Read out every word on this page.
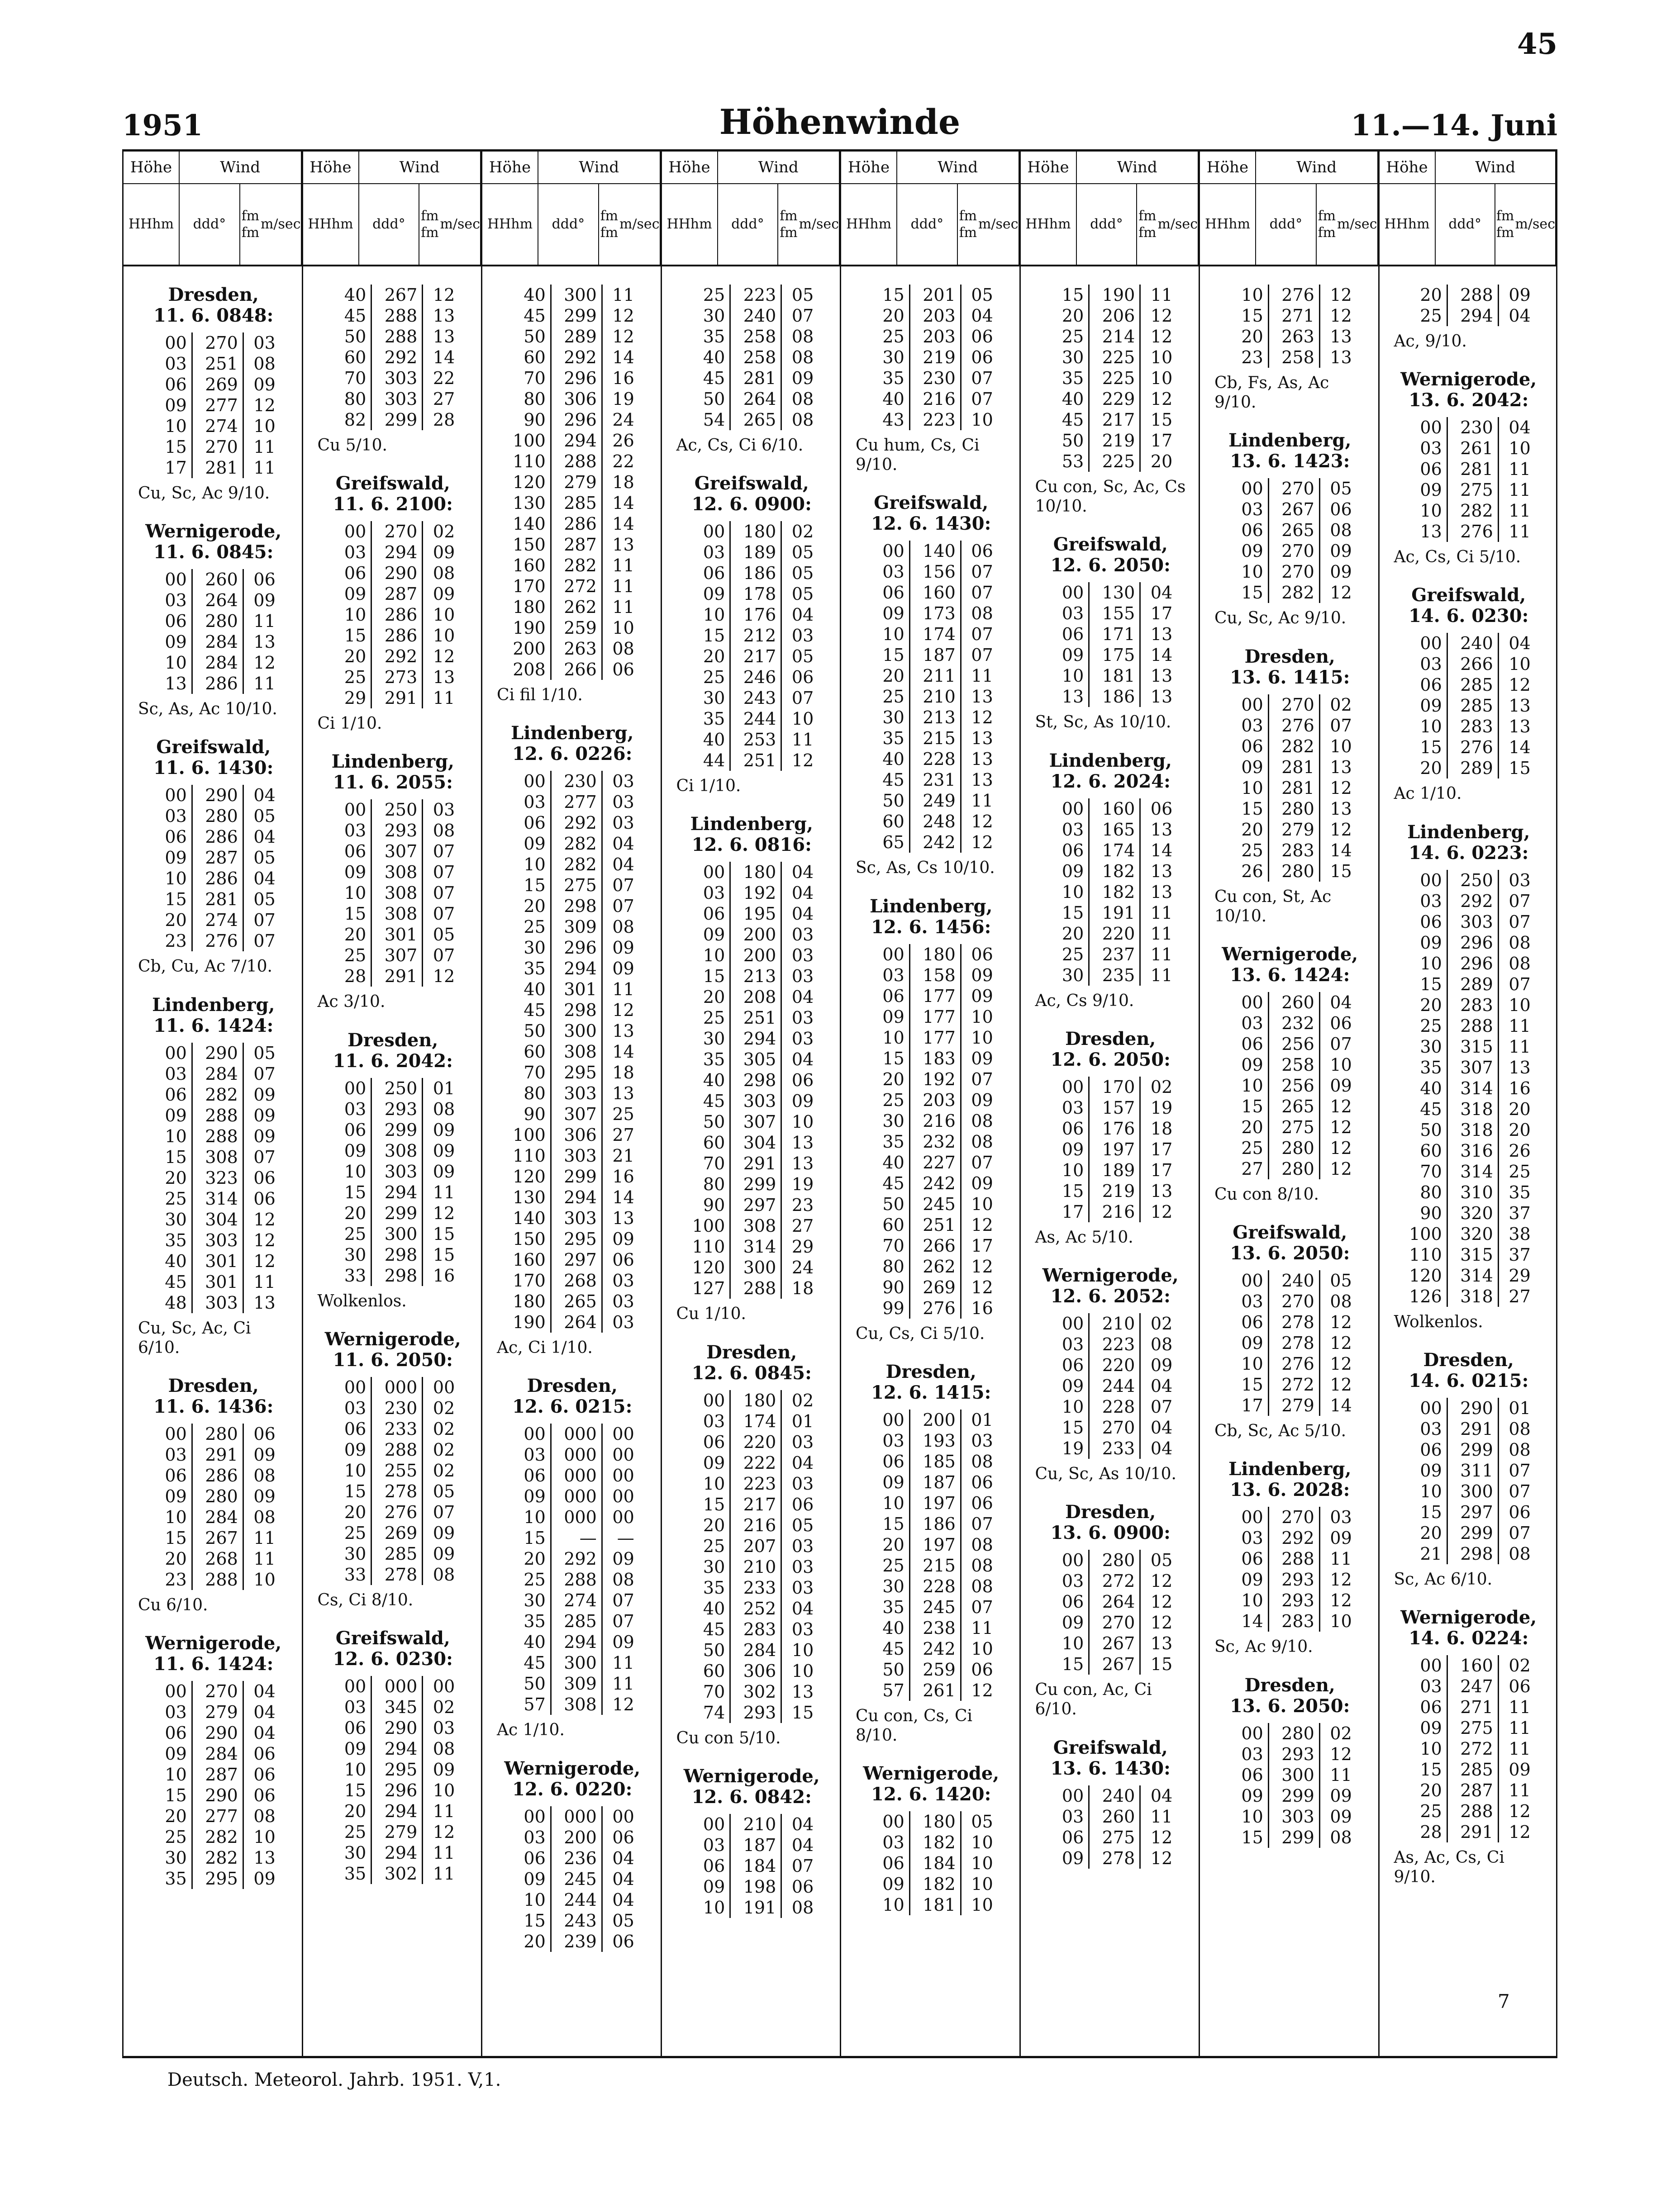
45
1951	Höhenwinde	11.—14. Juni
Höhe
HH hm
Wind
ddd °
fm fm

m/sec
Dresden,
11. 6. 0848:
00	270	03
03	251	08
06	269	09
09	277	12
10	274	10
15	270	11
17	281	11
Cu, Sc, Ac 9/10.
Wernigerode,
11. 6. 0845:
00	260	06
03	264	09
06	280	11
09	284	13
10	284	12
13	286	11
Sc, As, Ac 10/10.
Greifswald,
11. 6. 1430:
00	290	04
03	280	05
06	286	04
09	287	05
10	286	04
15	281	05
20	274	07
23	276	07
Cb, Cu, Ac 7/10.
Lindenberg,
11. 6. 1424:
00	290	05
03	284	07
06	282	09
09	288	09
10	288	09
15	308	07
20	323	06
25	314	06
30	304	12
35	303	12
40	301	12
45	301	11
48	303	13
Cu, Sc, Ac, Ci 6/10.
Dresden,
11. 6. 1436:
00	280	06
03	291	09
06	286	08
09	280	09
10	284	08
15	267	11
20	268	11
23	288	10
Cu 6/10.
Wernigerode,
11. 6. 1424:
00	270	04
03	279	04
06	290	04
09	284	06
10	287	06
15	290	06
20	277	08
25	282	10
30	282	13
35	295	09
Höhe
HH hm
Wind
ddd °
fm fm

m/sec
40	267	12
45	288	13
50	288	13
60	292	14
70	303	22
80	303	27
82	299	28
Cu 5/10.
Greifswald,
11. 6. 2100:
00	270	02
03	294	09
06	290	08
09	287	09
10	286	10
15	286	10
20	292	12
25	273	13
29	291	11
Ci 1/10.
Lindenberg,
11. 6. 2055:
00	250	03
03	293	08
06	307	07
09	308	07
10	308	07
15	308	07
20	301	05
25	307	07
28	291	12
Ac 3/10.
Dresden,
11. 6. 2042:
00	250	01
03	293	08
06	299	09
09	308	09
10	303	09
15	294	11
20	299	12
25	300	15
30	298	15
33	298	16
Wolkenlos.
Wernigerode,
11. 6. 2050:
00	000	00
03	230	02
06	233	02
09	288	02
10	255	02
15	278	05
20	276	07
25	269	09
30	285	09
33	278	08
Cs, Ci 8/10.
Greifswald,
12. 6. 0230:
00	000	00
03	345	02
06	290	03
09	294	08
10	295	09
15	296	10
20	294	11
25	279	12
30	294	11
35	302	11
Höhe
HH hm
Wind
ddd °
fm fm

m/sec
40	300	11
45	299	12
50	289	12
60	292	14
70	296	16
80	306	19
90	296	24
100	294	26
110	288	22
120	279	18
130	285	14
140	286	14
150	287	13
160	282	11
170	272	11
180	262	11
190	259	10
200	263	08
208	266	06
Ci fil 1/10.
Lindenberg,
12. 6. 0226:
00	230	03
03	277	03
06	292	03
09	282	04
10	282	04
15	275	07
20	298	07
25	309	08
30	296	09
35	294	09
40	301	11
45	298	12
50	300	13
60	308	14
70	295	18
80	303	13
90	307	25
100	306	27
110	303	21
120	299	16
130	294	14
140	303	13
150	295	09
160	297	06
170	268	03
180	265	03
190	264	03
Ac, Ci 1/10.
Dresden,
12. 6. 0215:
00	000	00
03	000	00
06	000	00
09	000	00
10	000	00
15	—	—
20	292	09
25	288	08
30	274	07
35	285	07
40	294	09
45	300	11
50	309	11
57	308	12
Ac 1/10.
Wernigerode,
12. 6. 0220:
00	000	00
03	200	06
06	236	04
09	245	04
10	244	04
15	243	05
20	239	06
Höhe
HH hm
Wind
ddd °
fm fm

m/sec
25	223	05
30	240	07
35	258	08
40	258	08
45	281	09
50	264	08
54	265	08
Ac, Cs, Ci 6/10.
Greifswald,
12. 6. 0900:
00	180	02
03	189	05
06	186	05
09	178	05
10	176	04
15	212	03
20	217	05
25	246	06
30	243	07
35	244	10
40	253	11
44	251	12
Ci 1/10.
Lindenberg,
12. 6. 0816:
00	180	04
03	192	04
06	195	04
09	200	03
10	200	03
15	213	03
20	208	04
25	251	03
30	294	03
35	305	04
40	298	06
45	303	09
50	307	10
60	304	13
70	291	13
80	299	19
90	297	23
100	308	27
110	314	29
120	300	24
127	288	18
Cu 1/10.
Dresden,
12. 6. 0845:
00	180	02
03	174	01
06	220	03
09	222	04
10	223	03
15	217	06
20	216	05
25	207	03
30	210	03
35	233	03
40	252	04
45	283	03
50	284	10
60	306	10
70	302	13
74	293	15
Cu con 5/10.
Wernigerode,
12. 6. 0842:
00	210	04
03	187	04
06	184	07
09	198	06
10	191	08
Höhe
HH hm
Wind
ddd °
fm fm

m/sec
15	201	05
20	203	04
25	203	06
30	219	06
35	230	07
40	216	07
43	223	10
Cu hum, Cs, Ci 9/10.
Greifswald,
12. 6. 1430:
00	140	06
03	156	07
06	160	07
09	173	08
10	174	07
15	187	07
20	211	11
25	210	13
30	213	12
35	215	13
40	228	13
45	231	13
50	249	11
60	248	12
65	242	12
Sc, As, Cs 10/10.
Lindenberg,
12. 6. 1456:
00	180	06
03	158	09
06	177	09
09	177	10
10	177	10
15	183	09
20	192	07
25	203	09
30	216	08
35	232	08
40	227	07
45	242	09
50	245	10
60	251	12
70	266	17
80	262	12
90	269	12
99	276	16
Cu, Cs, Ci 5/10.
Dresden,
12. 6. 1415:
00	200	01
03	193	03
06	185	08
09	187	06
10	197	06
15	186	07
20	197	08
25	215	08
30	228	08
35	245	07
40	238	11
45	242	10
50	259	06
57	261	12
Cu con, Cs, Ci 8/10.
Wernigerode,
12. 6. 1420:
00	180	05
03	182	10
06	184	10
09	182	10
10	181	10
Höhe
HH hm
Wind
ddd °
fm fm

m/sec
15	190	11
20	206	12
25	214	12
30	225	10
35	225	10
40	229	12
45	217	15
50	219	17
53	225	20
Cu con, Sc, Ac, Cs 10/10.
Greifswald,
12. 6. 2050:
00	130	04
03	155	17
06	171	13
09	175	14
10	181	13
13	186	13
St, Sc, As 10/10.
Lindenberg,
12. 6. 2024:
00	160	06
03	165	13
06	174	14
09	182	13
10	182	13
15	191	11
20	220	11
25	237	11
30	235	11
Ac, Cs 9/10.
Dresden,
12. 6. 2050:
00	170	02
03	157	19
06	176	18
09	197	17
10	189	17
15	219	13
17	216	12
As, Ac 5/10.
Wernigerode,
12. 6. 2052:
00	210	02
03	223	08
06	220	09
09	244	04
10	228	07
15	270	04
19	233	04
Cu, Sc, As 10/10.
Dresden,
13. 6. 0900:
00	280	05
03	272	12
06	264	12
09	270	12
10	267	13
15	267	15
Cu con, Ac, Ci 6/10.
Greifswald,
13. 6. 1430:
00	240	04
03	260	11
06	275	12
09	278	12
Höhe
HH hm
Wind
ddd °
fm fm

m/sec
10	276	12
15	271	12
20	263	13
23	258	13
Cb, Fs, As, Ac 9/10.
Lindenberg,
13. 6. 1423:
00	270	05
03	267	06
06	265	08
09	270	09
10	270	09
15	282	12
Cu, Sc, Ac 9/10.
Dresden,
13. 6. 1415:
00	270	02
03	276	07
06	282	10
09	281	13
10	281	12
15	280	13
20	279	12
25	283	14
26	280	15
Cu con, St, Ac 10/10.
Wernigerode,
13. 6. 1424:
00	260	04
03	232	06
06	256	07
09	258	10
10	256	09
15	265	12
20	275	12
25	280	12
27	280	12
Cu con 8/10.
Greifswald,
13. 6. 2050:
00	240	05
03	270	08
06	278	12
09	278	12
10	276	12
15	272	12
17	279	14
Cb, Sc, Ac 5/10.
Lindenberg,
13. 6. 2028:
00	270	03
03	292	09
06	288	11
09	293	12
10	293	12
14	283	10
Sc, Ac 9/10.
Dresden,
13. 6. 2050:
00	280	02
03	293	12
06	300	11
09	299	09
10	303	09
15	299	08
Höhe
HH hm
Wind
ddd °
fm fm

m/sec
20	288	09
25	294	04
Ac, 9/10.
Wernigerode,
13. 6. 2042:
00	230	04
03	261	10
06	281	11
09	275	11
10	282	11
13	276	11
Ac, Cs, Ci 5/10.
Greifswald,
14. 6. 0230:
00	240	04
03	266	10
06	285	12
09	285	13
10	283	13
15	276	14
20	289	15
Ac 1/10.
Lindenberg,
14. 6. 0223:
00	250	03
03	292	07
06	303	07
09	296	08
10	296	08
15	289	07
20	283	10
25	288	11
30	315	11
35	307	13
40	314	16
45	318	20
50	318	20
60	316	26
70	314	25
80	310	35
90	320	37
100	320	38
110	315	37
120	314	29
126	318	27
Wolkenlos.
Dresden,
14. 6. 0215:
00	290	01
03	291	08
06	299	08
09	311	07
10	300	07
15	297	06
20	299	07
21	298	08
Sc, Ac 6/10.
Wernigerode,
14. 6. 0224:
00	160	02
03	247	06
06	271	11
09	275	11
10	272	11
15	285	09
20	287	11
25	288	12
28	291	12
As, Ac, Cs, Ci 9/10.
Deutsch. Meteorol. Jahrb. 1951. V,1.
7
